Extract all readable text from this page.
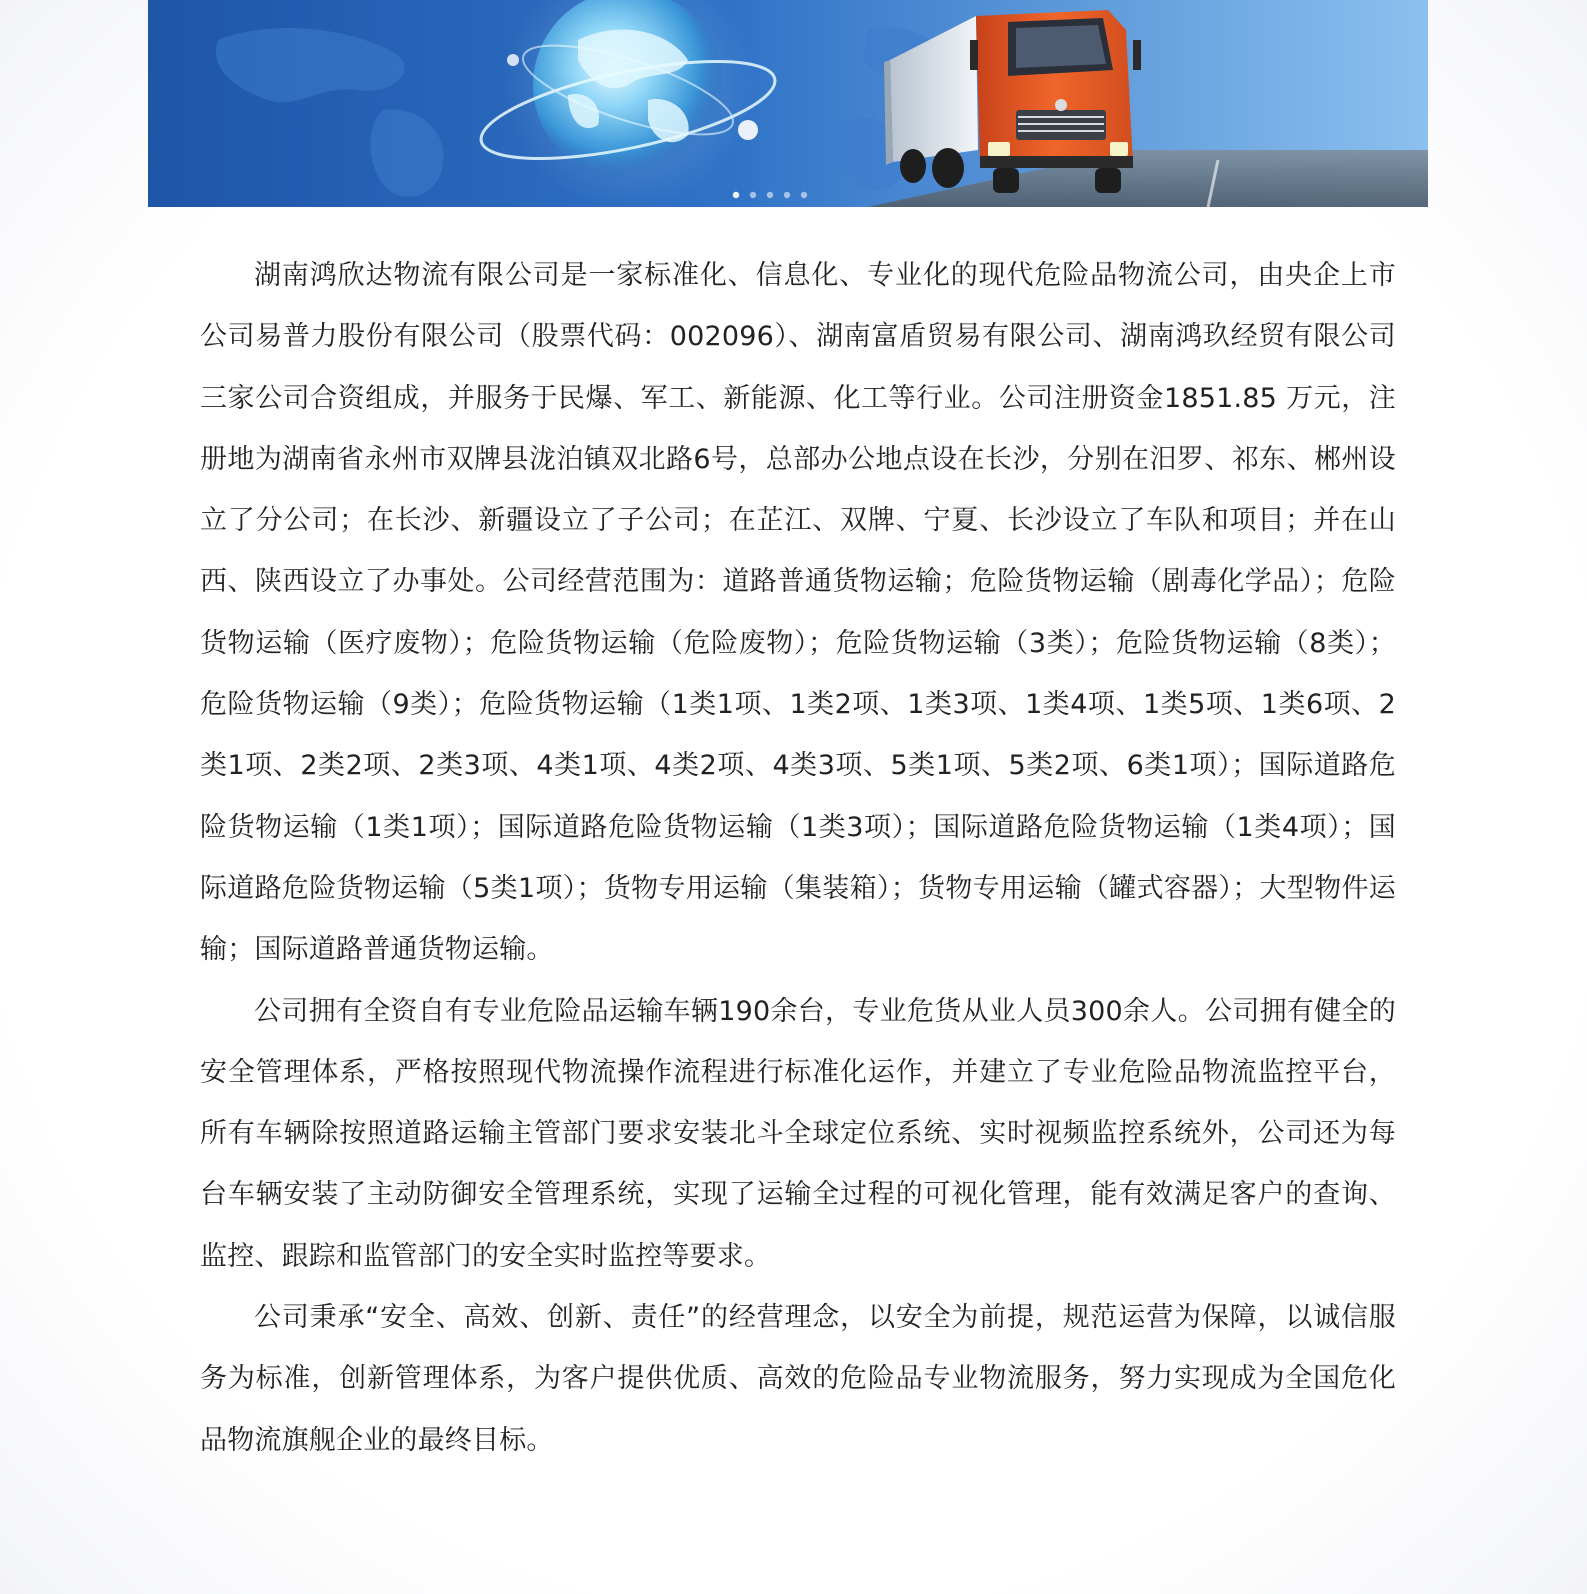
湖南鸿欣达物流有限公司是一家标准化、信息化、专业化的现代危险品物流公司，由央企上市公司易普力股份有限公司（股票代码：002096）、湖南富盾贸易有限公司、湖南鸿玖经贸有限公司三家公司合资组成，并服务于民爆、军工、新能源、化工等行业。公司注册资金1851.85 万元，注册地为湖南省永州市双牌县泷泊镇双北路6号，总部办公地点设在长沙，分别在汨罗、祁东、郴州设立了分公司；在长沙、新疆设立了子公司；在芷江、双牌、宁夏、长沙设立了车队和项目；并在山西、陕西设立了办事处。公司经营范围为：道路普通货物运输；危险货物运输（剧毒化学品）；危险货物运输（医疗废物）；危险货物运输（危险废物）；危险货物运输（3类）；危险货物运输（8类）；危险货物运输（9类）；危险货物运输（1类1项、1类2项、1类3项、1类4项、1类5项、1类6项、2类1项、2类2项、2类3项、4类1项、4类2项、4类3项、5类1项、5类2项、6类1项）；国际道路危险货物运输（1类1项）；国际道路危险货物运输（1类3项）；国际道路危险货物运输（1类4项）；国际道路危险货物运输（5类1项）；货物专用运输（集装箱）；货物专用运输（罐式容器）；大型物件运输；国际道路普通货物运输。

公司拥有全资自有专业危险品运输车辆190余台，专业危货从业人员300余人。公司拥有健全的安全管理体系，严格按照现代物流操作流程进行标准化运作，并建立了专业危险品物流监控平台，所有车辆除按照道路运输主管部门要求安装北斗全球定位系统、实时视频监控系统外，公司还为每台车辆安装了主动防御安全管理系统，实现了运输全过程的可视化管理，能有效满足客户的查询、监控、跟踪和监管部门的安全实时监控等要求。

公司秉承“安全、高效、创新、责任”的经营理念，以安全为前提，规范运营为保障，以诚信服务为标准，创新管理体系，为客户提供优质、高效的危险品专业物流服务，努力实现成为全国危化品物流旗舰企业的最终目标。
